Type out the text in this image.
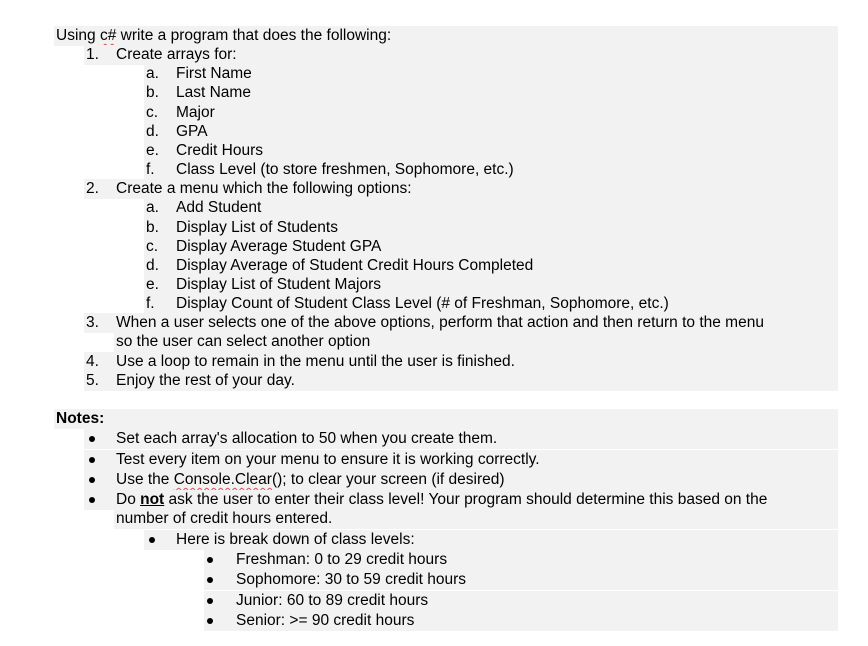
Using c# write a program that does the following:
1. Create arrays for:
a. First Name
b. Last Name
c. Major
d. GPA
e. Credit Hours
f. Class Level (to store freshmen, Sophomore, etc.)
2. Create a menu which the following options:
a. Add Student
b. Display List of Students
c. Display Average Student GPA
d. Display Average of Student Credit Hours Completed
e. Display List of Student Majors
f. Display Count of Student Class Level (# of Freshman, Sophomore, etc.)
3. When a user selects one of the above options, perform that action and then return to the menu
so the user can select another option
4. Use a loop to remain in the menu until the user is finished.
5. Enjoy the rest of your day.
Notes:
Set each array's allocation to 50 when you create them.
Test every item on your menu to ensure it is working correctly.
Use the Console.Clear(); to clear your screen (if desired)
Do not ask the user to enter their class level! Your program should determine this based on the
number of credit hours entered.
Here is break down of class levels:
Freshman: 0 to 29 credit hours
Sophomore: 30 to 59 credit hours
Junior: 60 to 89 credit hours
Senior: >= 90 credit hours
